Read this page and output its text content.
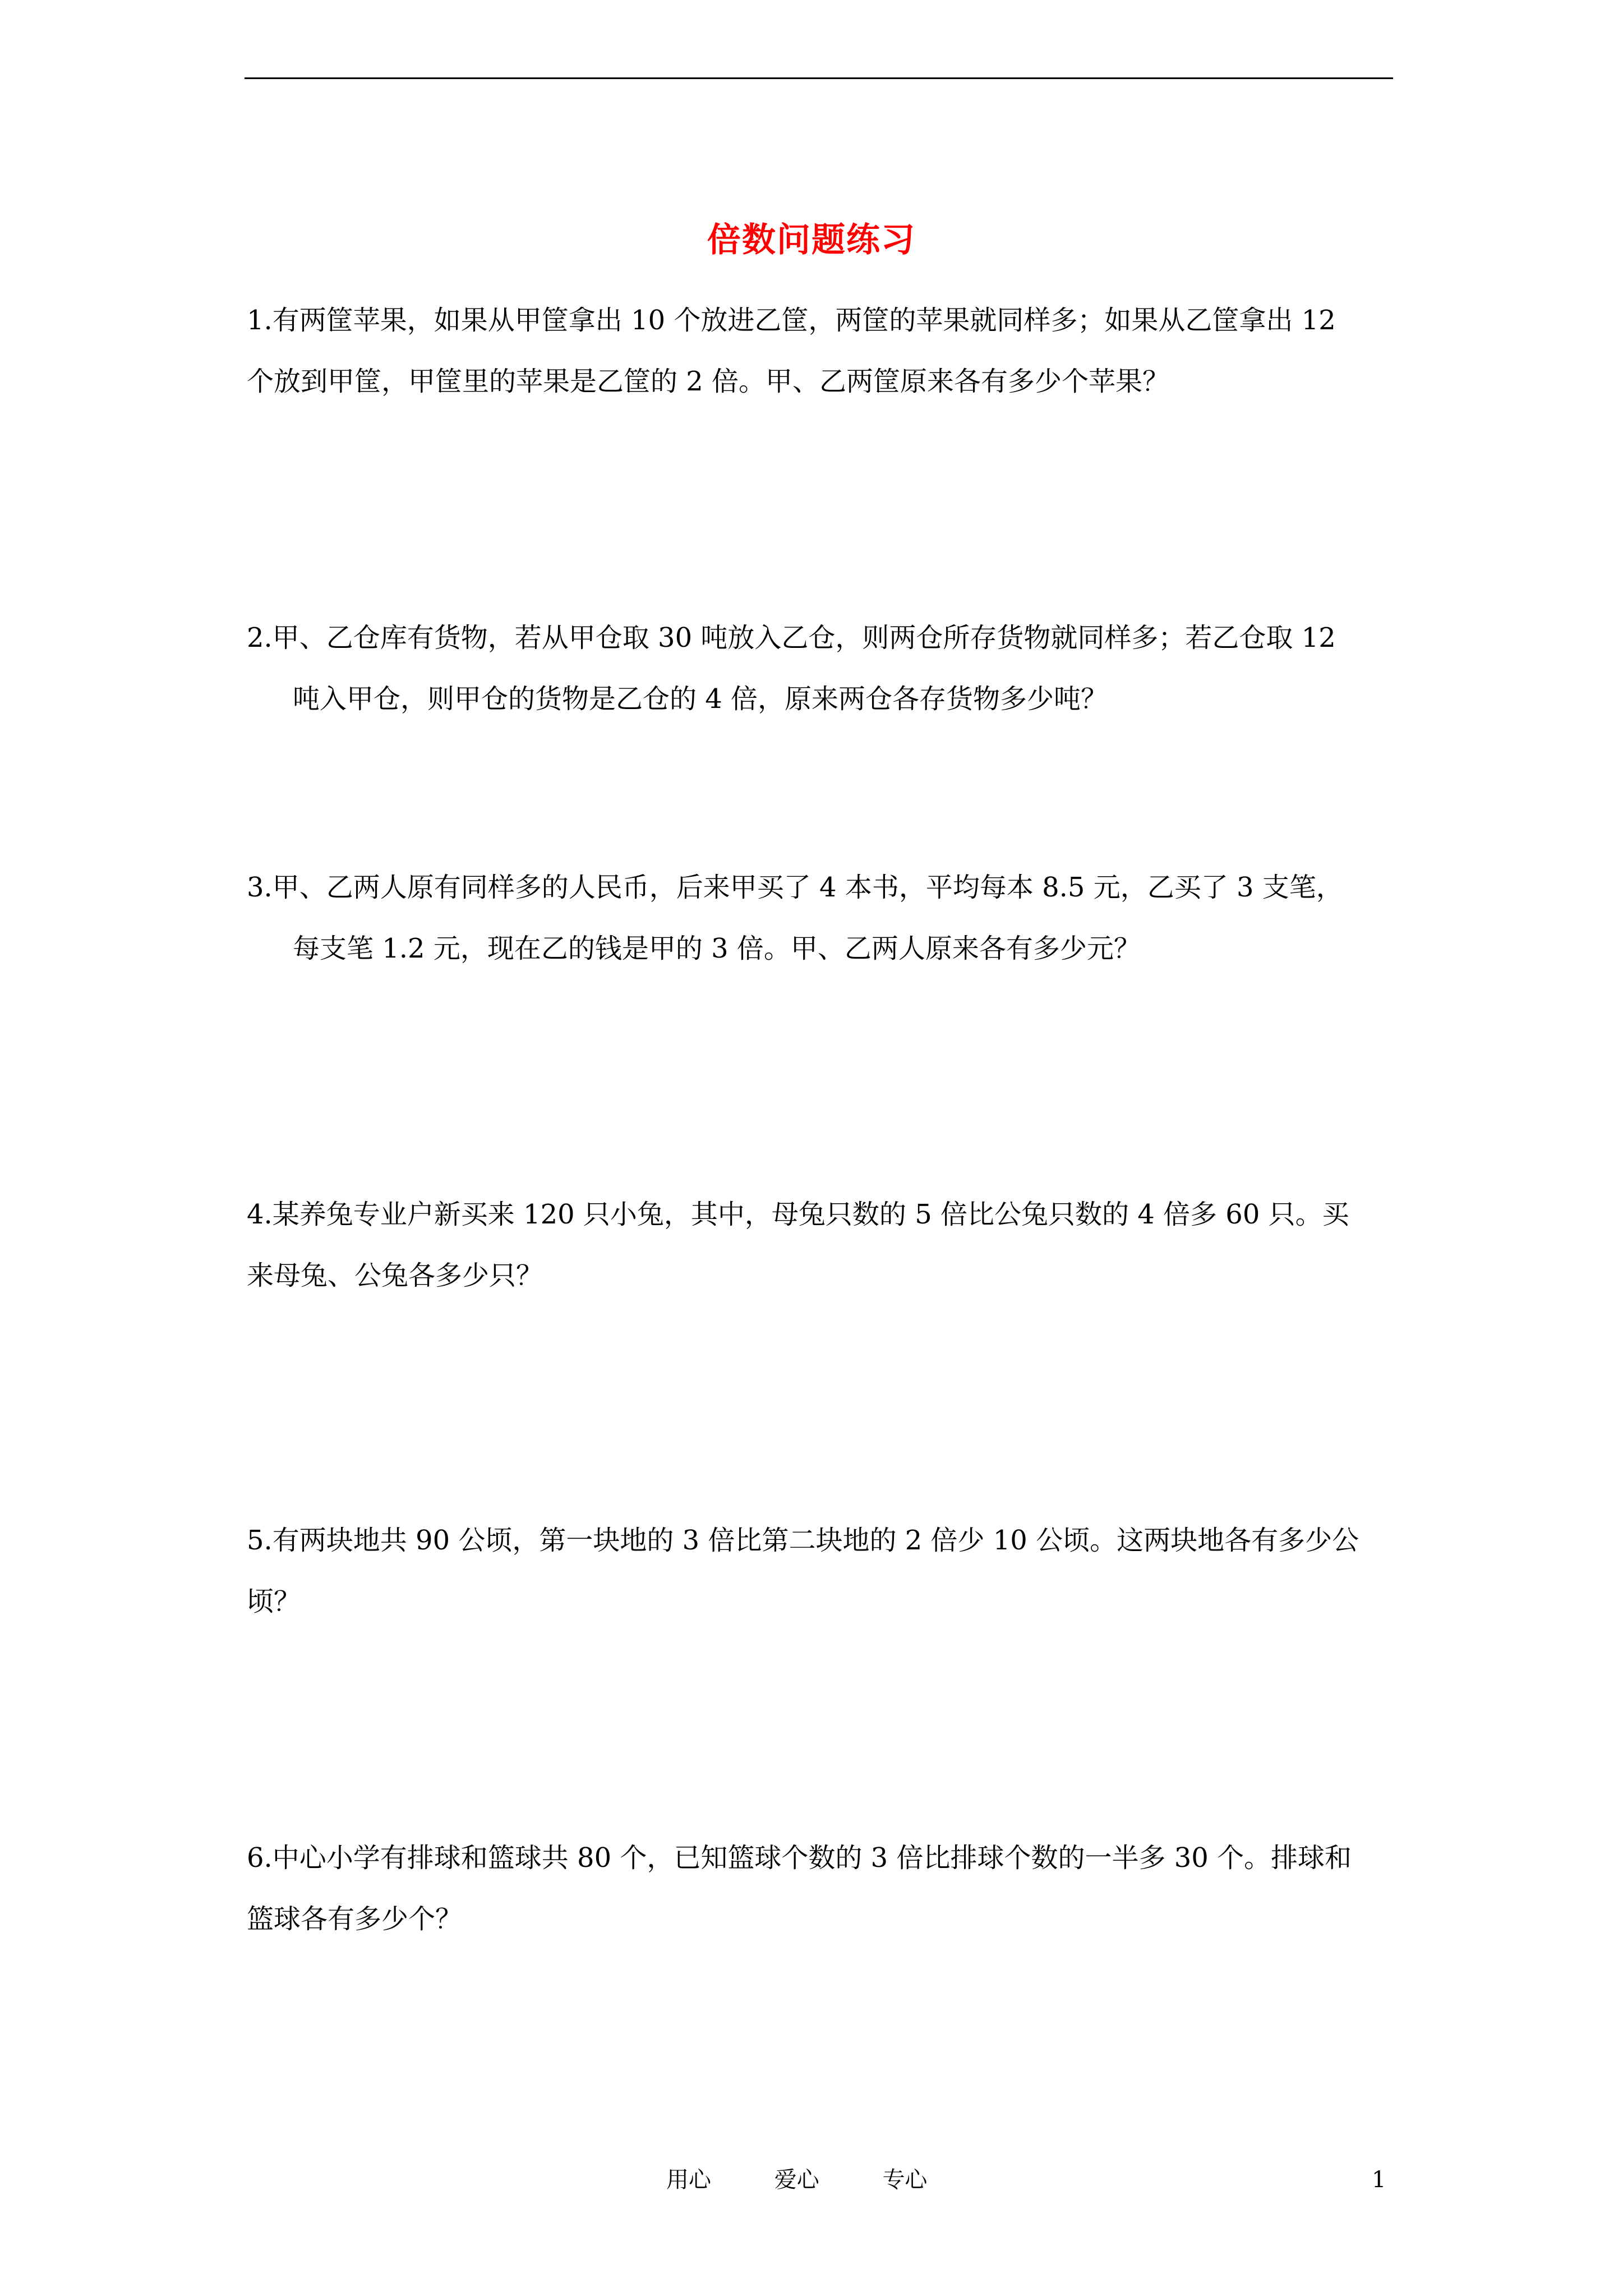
倍数问题练习
1.有两筐苹果，如果从甲筐拿出 10 个放进乙筐，两筐的苹果就同样多；如果从乙筐拿出 12
个放到甲筐，甲筐里的苹果是乙筐的 2 倍。甲、乙两筐原来各有多少个苹果？
2.甲、乙仓库有货物，若从甲仓取 30 吨放入乙仓，则两仓所存货物就同样多；若乙仓取 12
吨入甲仓，则甲仓的货物是乙仓的 4 倍，原来两仓各存货物多少吨？
3.甲、乙两人原有同样多的人民币，后来甲买了 4 本书，平均每本 8.5 元，乙买了 3 支笔，
每支笔 1.2 元，现在乙的钱是甲的 3 倍。甲、乙两人原来各有多少元？
4.某养兔专业户新买来 120 只小兔，其中，母兔只数的 5 倍比公兔只数的 4 倍多 60 只。买
来母兔、公兔各多少只？
5.有两块地共 90 公顷，第一块地的 3 倍比第二块地的 2 倍少 10 公顷。这两块地各有多少公
顷？
6.中心小学有排球和篮球共 80 个，已知篮球个数的 3 倍比排球个数的一半多 30 个。排球和
篮球各有多少个？
用心	爱心	专心	1
